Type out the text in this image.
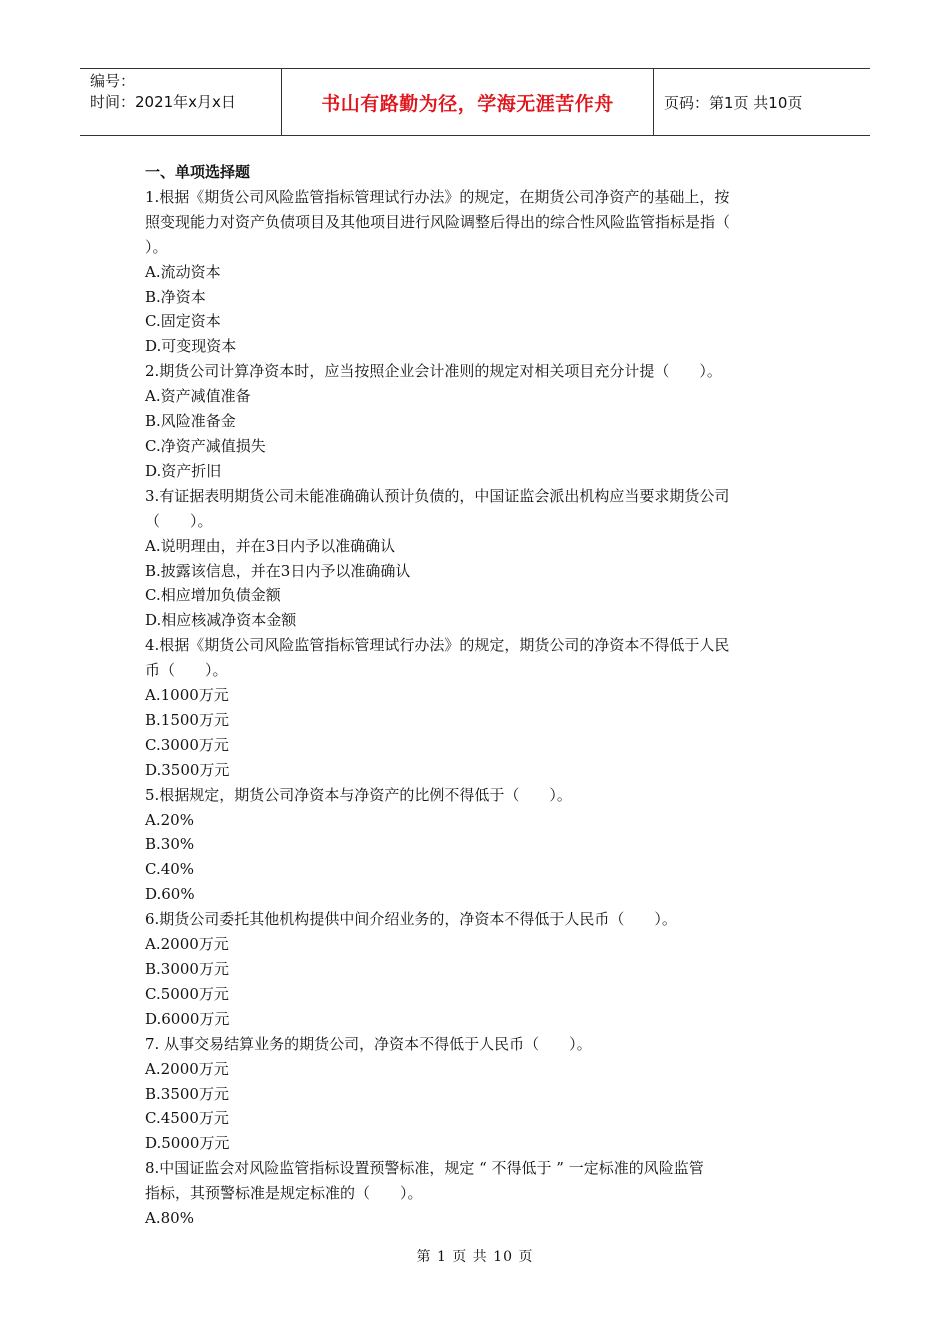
编号：
时间：2021年x月x日	书山有路勤为径，学海无涯苦作舟	页码：第1页 共10页
一、单项选择题
1.根据《期货公司风险监管指标管理试行办法》的规定，在期货公司净资产的基础上，按
照变现能力对资产负债项目及其他项目进行风险调整后得出的综合性风险监管指标是指（
）。
A.流动资本
B.净资本
C.固定资本
D.可变现资本
2.期货公司计算净资本时，应当按照企业会计准则的规定对相关项目充分计提（　　）。
A.资产减值准备
B.风险准备金
C.净资产减值损失
D.资产折旧
3.有证据表明期货公司未能准确确认预计负债的，中国证监会派出机构应当要求期货公司
（　　）。
A.说明理由，并在3日内予以准确确认
B.披露该信息，并在3日内予以准确确认
C.相应增加负债金额
D.相应核减净资本金额
4.根据《期货公司风险监管指标管理试行办法》的规定，期货公司的净资本不得低于人民
币（　　）。
A.1000万元
B.1500万元
C.3000万元
D.3500万元
5.根据规定，期货公司净资本与净资产的比例不得低于（　　）。
A.20%
B.30%
C.40%
D.60%
6.期货公司委托其他机构提供中间介绍业务的，净资本不得低于人民币（　　）。
A.2000万元
B.3000万元
C.5000万元
D.6000万元
7. 从事交易结算业务的期货公司，净资本不得低于人民币（　　）。
A.2000万元
B.3500万元
C.4500万元
D.5000万元
8.中国证监会对风险监管指标设置预警标准，规定 “ 不得低于 ” 一定标准的风险监管
指标，其预警标准是规定标准的（　　）。
A.80%
第 1 页 共 10 页
